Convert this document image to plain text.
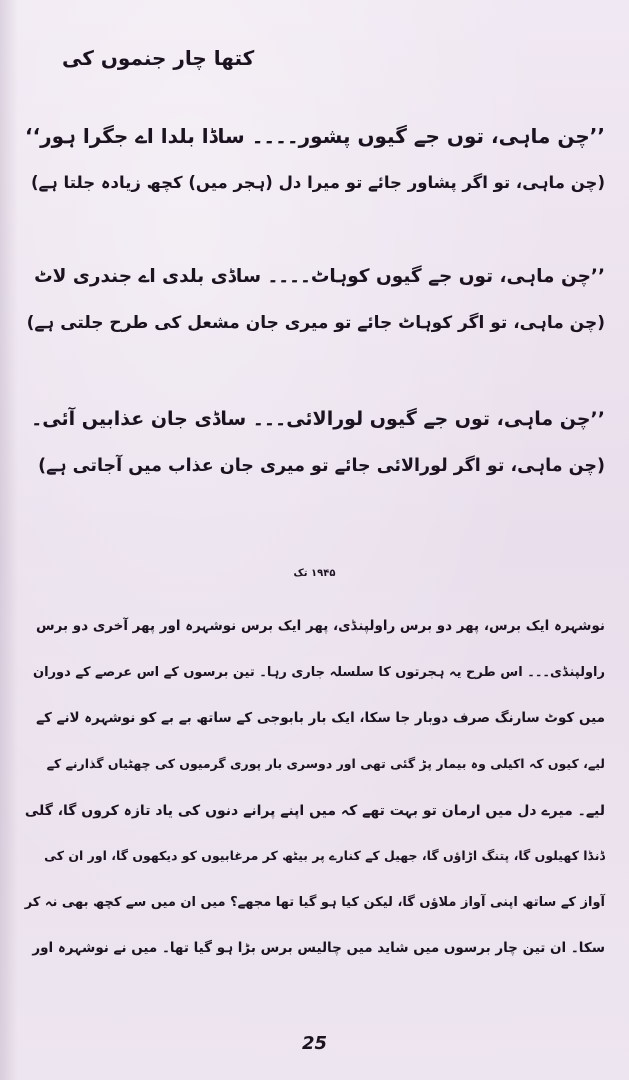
کتھا چار جنموں کی
’’چن ماہی، توں جے گیوں پشور۔۔۔۔ ساڈا بلدا اے جگرا ہور‘‘
(چن ماہی، تو اگر پشاور جائے تو میرا دل (ہجر میں) کچھ زیادہ جلتا ہے)
’’چن ماہی، توں جے گیوں کوہاٹ۔۔۔۔ ساڈی بلدی اے جندری لاٹ
(چن ماہی، تو اگر کوہاٹ جائے تو میری جان مشعل کی طرح جلتی ہے)
’’چن ماہی، توں جے گیوں لورالائی۔۔۔ ساڈی جان عذابیں آئی۔
(چن ماہی، تو اگر لورالائی جائے تو میری جان عذاب میں آجاتی ہے)
۱۹۴۵ تک
نوشہرہ ایک برس، پھر دو برس راولپنڈی، پھر ایک برس نوشہرہ اور پھر آخری دو برس
راولپنڈی۔۔۔ اس طرح یہ ہجرتوں کا سلسلہ جاری رہا۔ تین برسوں کے اس عرصے کے دوران
میں کوٹ سارنگ صرف دوبار جا سکا، ایک بار بابوجی کے ساتھ بے بے کو نوشہرہ لانے کے
لیے، کیوں کہ اکیلی وہ بیمار پڑ گئی تھی اور دوسری بار پوری گرمیوں کی چھٹیاں گذارنے کے
لیے۔ میرے دل میں ارمان تو بہت تھے کہ میں اپنے پرانے دنوں کی یاد تازہ کروں گا، گلی
ڈنڈا کھیلوں گا، پتنگ اڑاؤں گا، جھیل کے کنارے پر بیٹھ کر مرغابیوں کو دیکھوں گا، اور ان کی
آواز کے ساتھ اپنی آواز ملاؤں گا، لیکن کیا ہو گیا تھا مجھے؟ میں ان میں سے کچھ بھی نہ کر
سکا۔ ان تین چار برسوں میں شاید میں چالیس برس بڑا ہو گیا تھا۔ میں نے نوشہرہ اور
25
